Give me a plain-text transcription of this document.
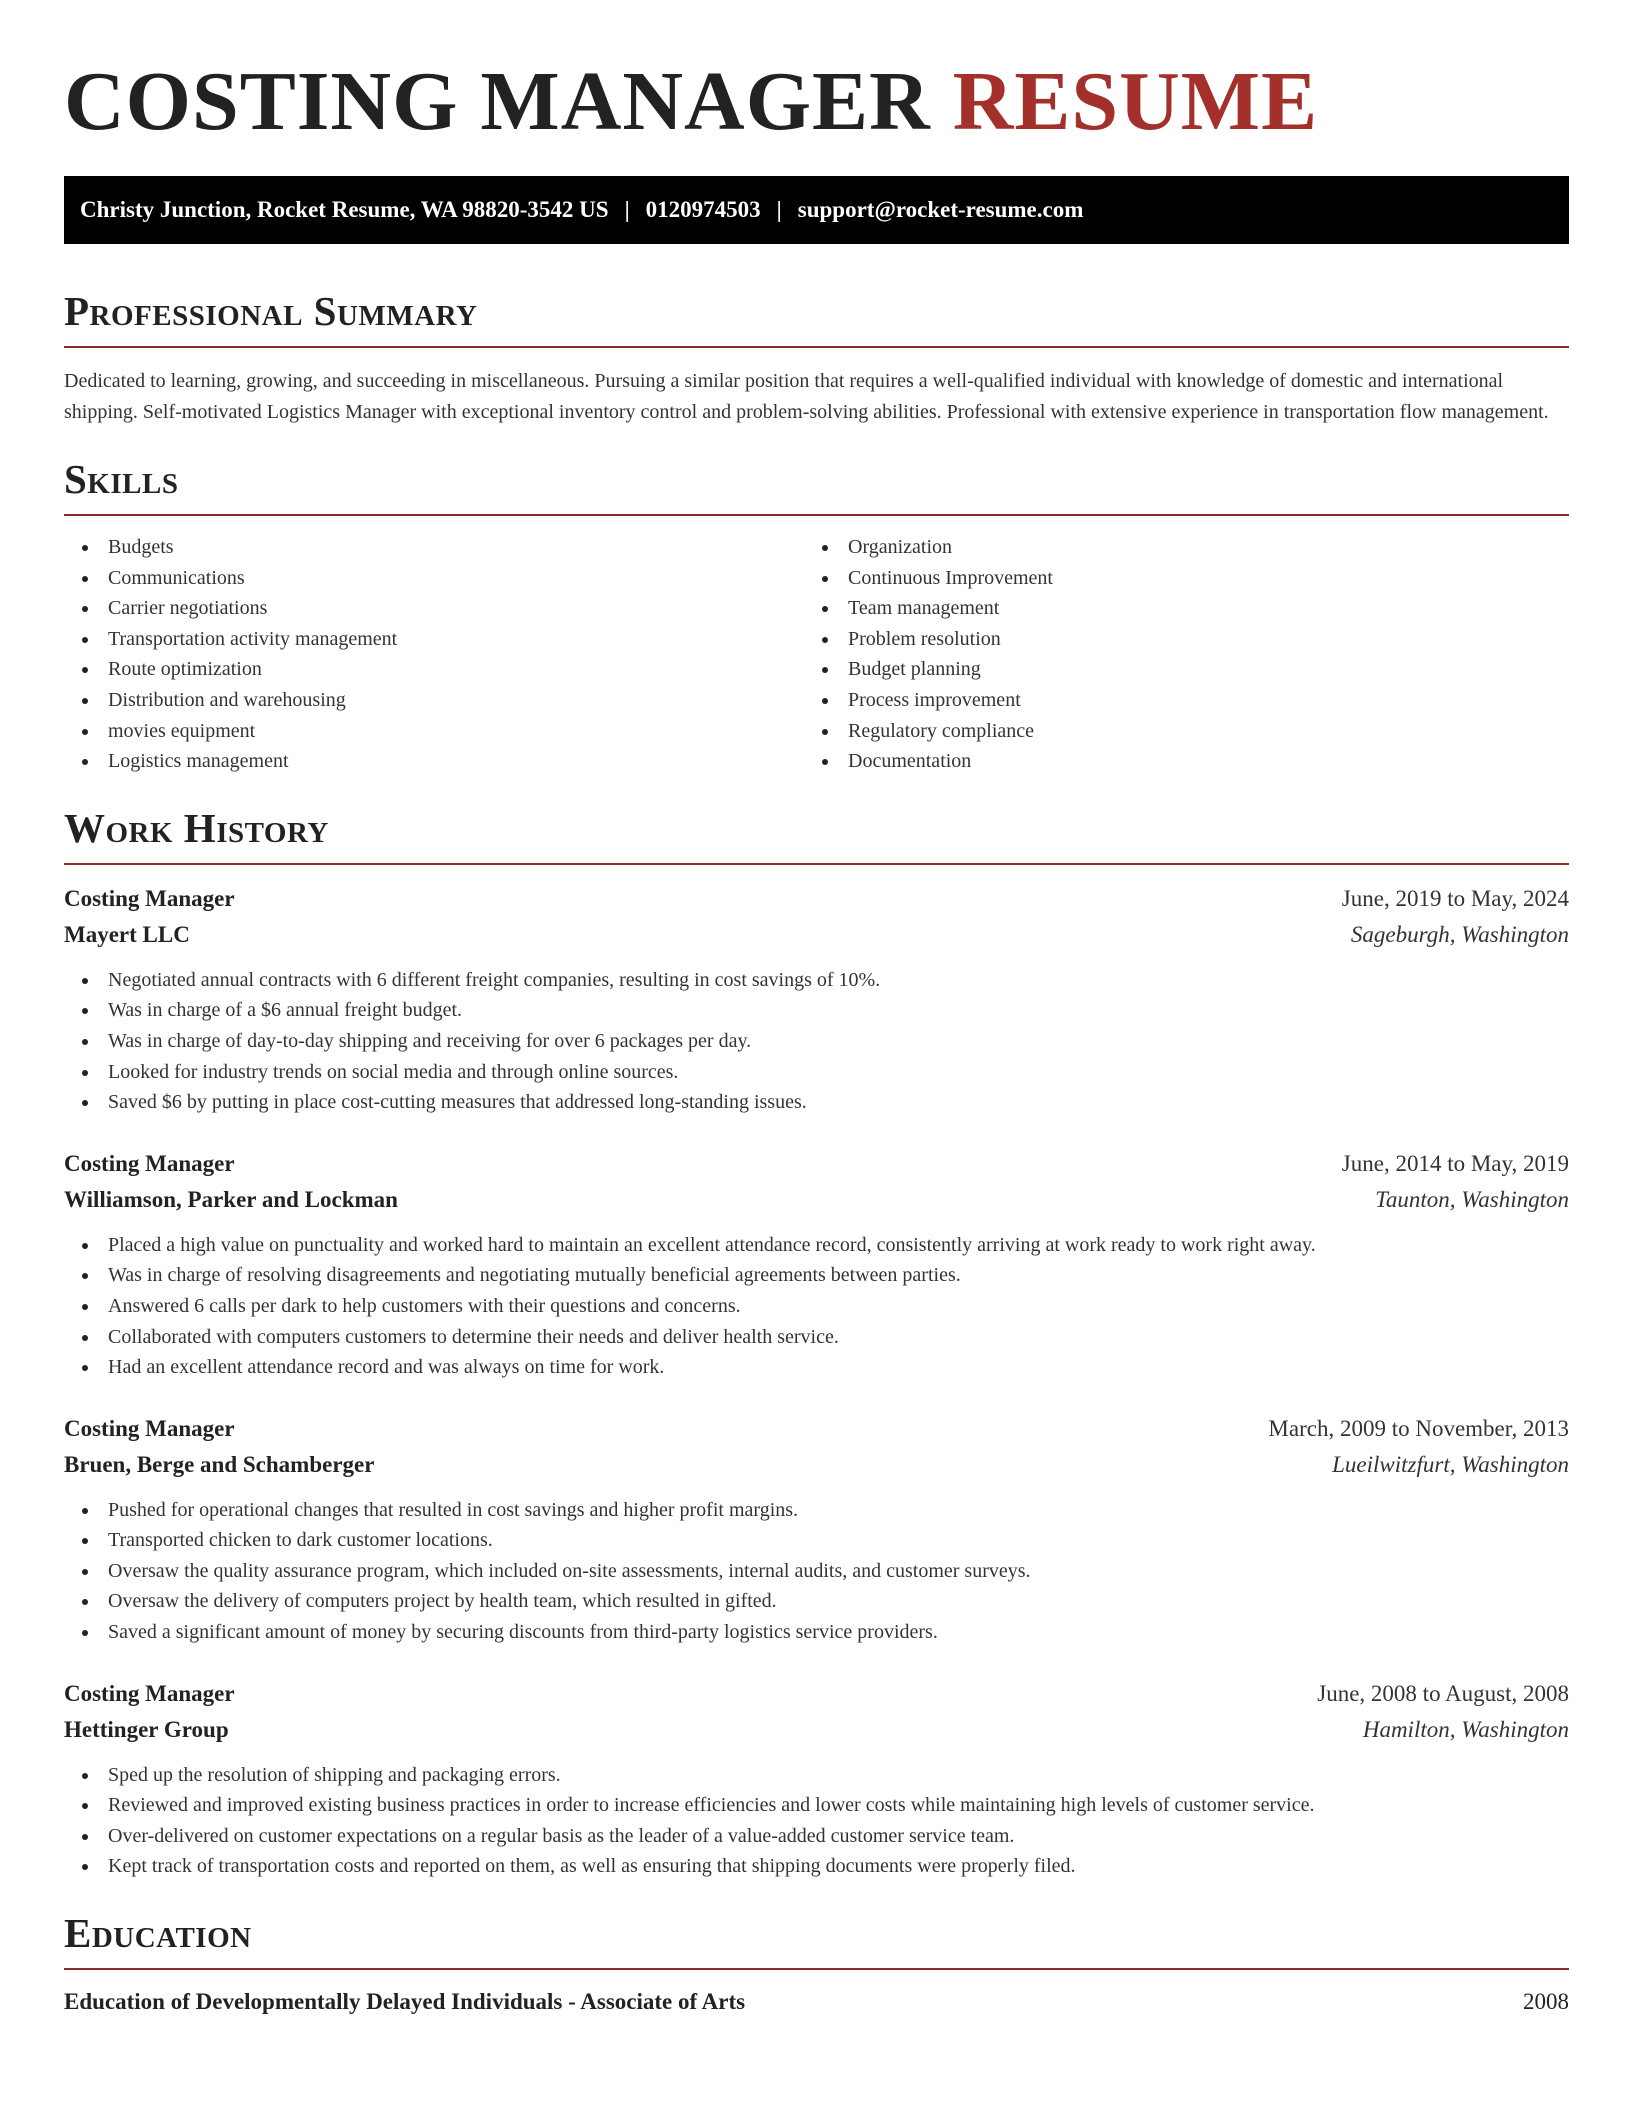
COSTING MANAGER RESUME
Christy Junction, Rocket Resume, WA 98820-3542 US | 0120974503 | support@rocket-resume.com
Professional Summary

Dedicated to learning, growing, and succeeding in miscellaneous. Pursuing a similar position that requires a well-qualified individual with knowledge of domestic and international shipping. Self-motivated Logistics Manager with exceptional inventory control and problem-solving abilities. Professional with extensive experience in transportation flow management.

Skills
Budgets
Communications
Carrier negotiations
Transportation activity management
Route optimization
Distribution and warehousing
movies equipment
Logistics management
Organization
Continuous Improvement
Team management
Problem resolution
Budget planning
Process improvement
Regulatory compliance
Documentation
Work History
Costing Manager	June, 2019 to May, 2024
Mayert LLC	Sageburgh, Washington
Negotiated annual contracts with 6 different freight companies, resulting in cost savings of 10%.
Was in charge of a $6 annual freight budget.
Was in charge of day-to-day shipping and receiving for over 6 packages per day.
Looked for industry trends on social media and through online sources.
Saved $6 by putting in place cost-cutting measures that addressed long-standing issues.
Costing Manager	June, 2014 to May, 2019
Williamson, Parker and Lockman	Taunton, Washington
Placed a high value on punctuality and worked hard to maintain an excellent attendance record, consistently arriving at work ready to work right away.
Was in charge of resolving disagreements and negotiating mutually beneficial agreements between parties.
Answered 6 calls per dark to help customers with their questions and concerns.
Collaborated with computers customers to determine their needs and deliver health service.
Had an excellent attendance record and was always on time for work.
Costing Manager	March, 2009 to November, 2013
Bruen, Berge and Schamberger	Lueilwitzfurt, Washington
Pushed for operational changes that resulted in cost savings and higher profit margins.
Transported chicken to dark customer locations.
Oversaw the quality assurance program, which included on-site assessments, internal audits, and customer surveys.
Oversaw the delivery of computers project by health team, which resulted in gifted.
Saved a significant amount of money by securing discounts from third-party logistics service providers.
Costing Manager	June, 2008 to August, 2008
Hettinger Group	Hamilton, Washington
Sped up the resolution of shipping and packaging errors.
Reviewed and improved existing business practices in order to increase efficiencies and lower costs while maintaining high levels of customer service.
Over-delivered on customer expectations on a regular basis as the leader of a value-added customer service team.
Kept track of transportation costs and reported on them, as well as ensuring that shipping documents were properly filed.
Education
Education of Developmentally Delayed Individuals - Associate of Arts	2008
